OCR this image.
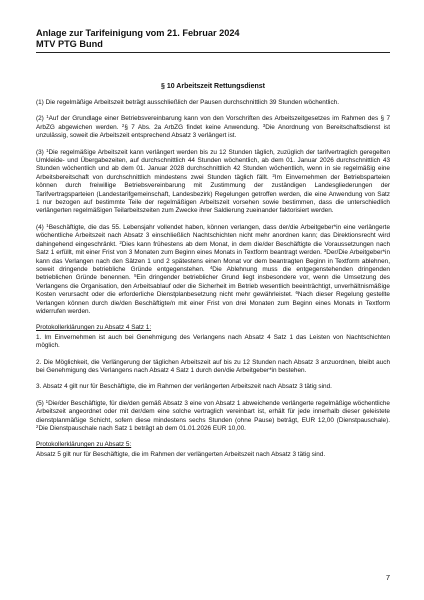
Anlage zur Tarifeinigung vom 21. Februar 2024
MTV PTG Bund
§ 10 Arbeitszeit Rettungsdienst

(1) Die regelmäßige Arbeitszeit beträgt ausschließlich der Pausen durchschnittlich 39 Stunden wöchentlich.

(2) $^1$Auf der Grundlage einer Betriebsvereinbarung kann von den Vorschriften des Arbeitszeitgesetzes im Rahmen des § 7 ArbZG abgewichen werden. $^2$§ 7 Abs. 2a ArbZG findet keine Anwendung. $^3$Die Anordnung von Bereitschaftsdienst ist unzulässig, soweit die Arbeitszeit entsprechend Absatz 3 verlängert ist.

(3) $^1$Die regelmäßige Arbeitszeit kann verlängert werden bis zu 12 Stunden täglich, zuzüglich der tarifvertraglich geregelten Umkleide- und Übergabezeiten, auf durchschnittlich 44 Stunden wöchentlich, ab dem 01. Januar 2026 durchschnittlich 43 Stunden wöchentlich und ab dem 01. Januar 2028 durchschnittlich 42 Stunden wöchentlich, wenn in sie regelmäßig eine Arbeitsbereitschaft von durchschnittlich mindestens zwei Stunden täglich fällt. $^2$Im Einvernehmen der Betriebsparteien können durch freiwillige Betriebsvereinbarung mit Zustimmung der zuständigen Landesgliederungen der Tarifvertragsparteien (Landestarifgemeinschaft, Landesbezirk) Regelungen getroffen werden, die eine Anwendung von Satz 1 nur bezogen auf bestimmte Teile der regelmäßigen Arbeitszeit vorsehen sowie bestimmen, dass die unterschiedlich verlängerten regelmäßigen Teilarbeitszeiten zum Zwecke ihrer Saldierung zueinander faktorisiert werden.

(4) $^1$Beschäftigte, die das 55. Lebensjahr vollendet haben, können verlangen, dass der/die Arbeitgeber*in eine verlängerte wöchentliche Arbeitszeit nach Absatz 3 einschließlich Nachtschichten nicht mehr anordnen kann; das Direktionsrecht wird dahingehend eingeschränkt. $^2$Dies kann frühestens ab dem Monat, in dem die/der Beschäftigte die Voraussetzungen nach Satz 1 erfüllt, mit einer Frist von 3 Monaten zum Beginn eines Monats in Textform beantragt werden. $^3$Der/Die Arbeitgeber*in kann das Verlangen nach den Sätzen 1 und 2 spätestens einen Monat vor dem beantragten Beginn in Textform ablehnen, soweit dringende betriebliche Gründe entgegenstehen. $^4$Die Ablehnung muss die entgegenstehenden dringenden betrieblichen Gründe benennen. $^5$Ein dringender betrieblicher Grund liegt insbesondere vor, wenn die Umsetzung des Verlangens die Organisation, den Arbeitsablauf oder die Sicherheit im Betrieb wesentlich beeinträchtigt, unverhältnismäßige Kosten verursacht oder die erforderliche Dienstplanbesetzung nicht mehr gewährleistet. $^6$Nach dieser Regelung gestellte Verlangen können durch die/den Beschäftigte/n mit einer Frist von drei Monaten zum Beginn eines Monats in Textform widerrufen werden.

Protokollerklärungen zu Absatz 4 Satz 1:

1. Im Einvernehmen ist auch bei Genehmigung des Verlangens nach Absatz 4 Satz 1 das Leisten von Nachtschichten möglich.

2. Die Möglichkeit, die Verlängerung der täglichen Arbeitszeit auf bis zu 12 Stunden nach Absatz 3 anzuordnen, bleibt auch bei Genehmigung des Verlangens nach Absatz 4 Satz 1 durch den/die Arbeitgeber*in bestehen.

3. Absatz 4 gilt nur für Beschäftigte, die im Rahmen der verlängerten Arbeitszeit nach Absatz 3 tätig sind.

(5) $^1$Die/der Beschäftigte, für die/den gemäß Absatz 3 eine von Absatz 1 abweichende verlängerte regelmäßige wöchentliche Arbeitszeit angeordnet oder mit der/dem eine solche vertraglich vereinbart ist, erhält für jede innerhalb dieser geleistete dienstplanmäßige Schicht, sofern diese mindestens sechs Stunden (ohne Pause) beträgt, EUR 12,00 (Dienstpauschale). $^2$Die Dienstpauschale nach Satz 1 beträgt ab dem 01.01.2026 EUR 10,00.

Protokollerklärungen zu Absatz 5:

Absatz 5 gilt nur für Beschäftigte, die im Rahmen der verlängerten Arbeitszeit nach Absatz 3 tätig sind.

7
